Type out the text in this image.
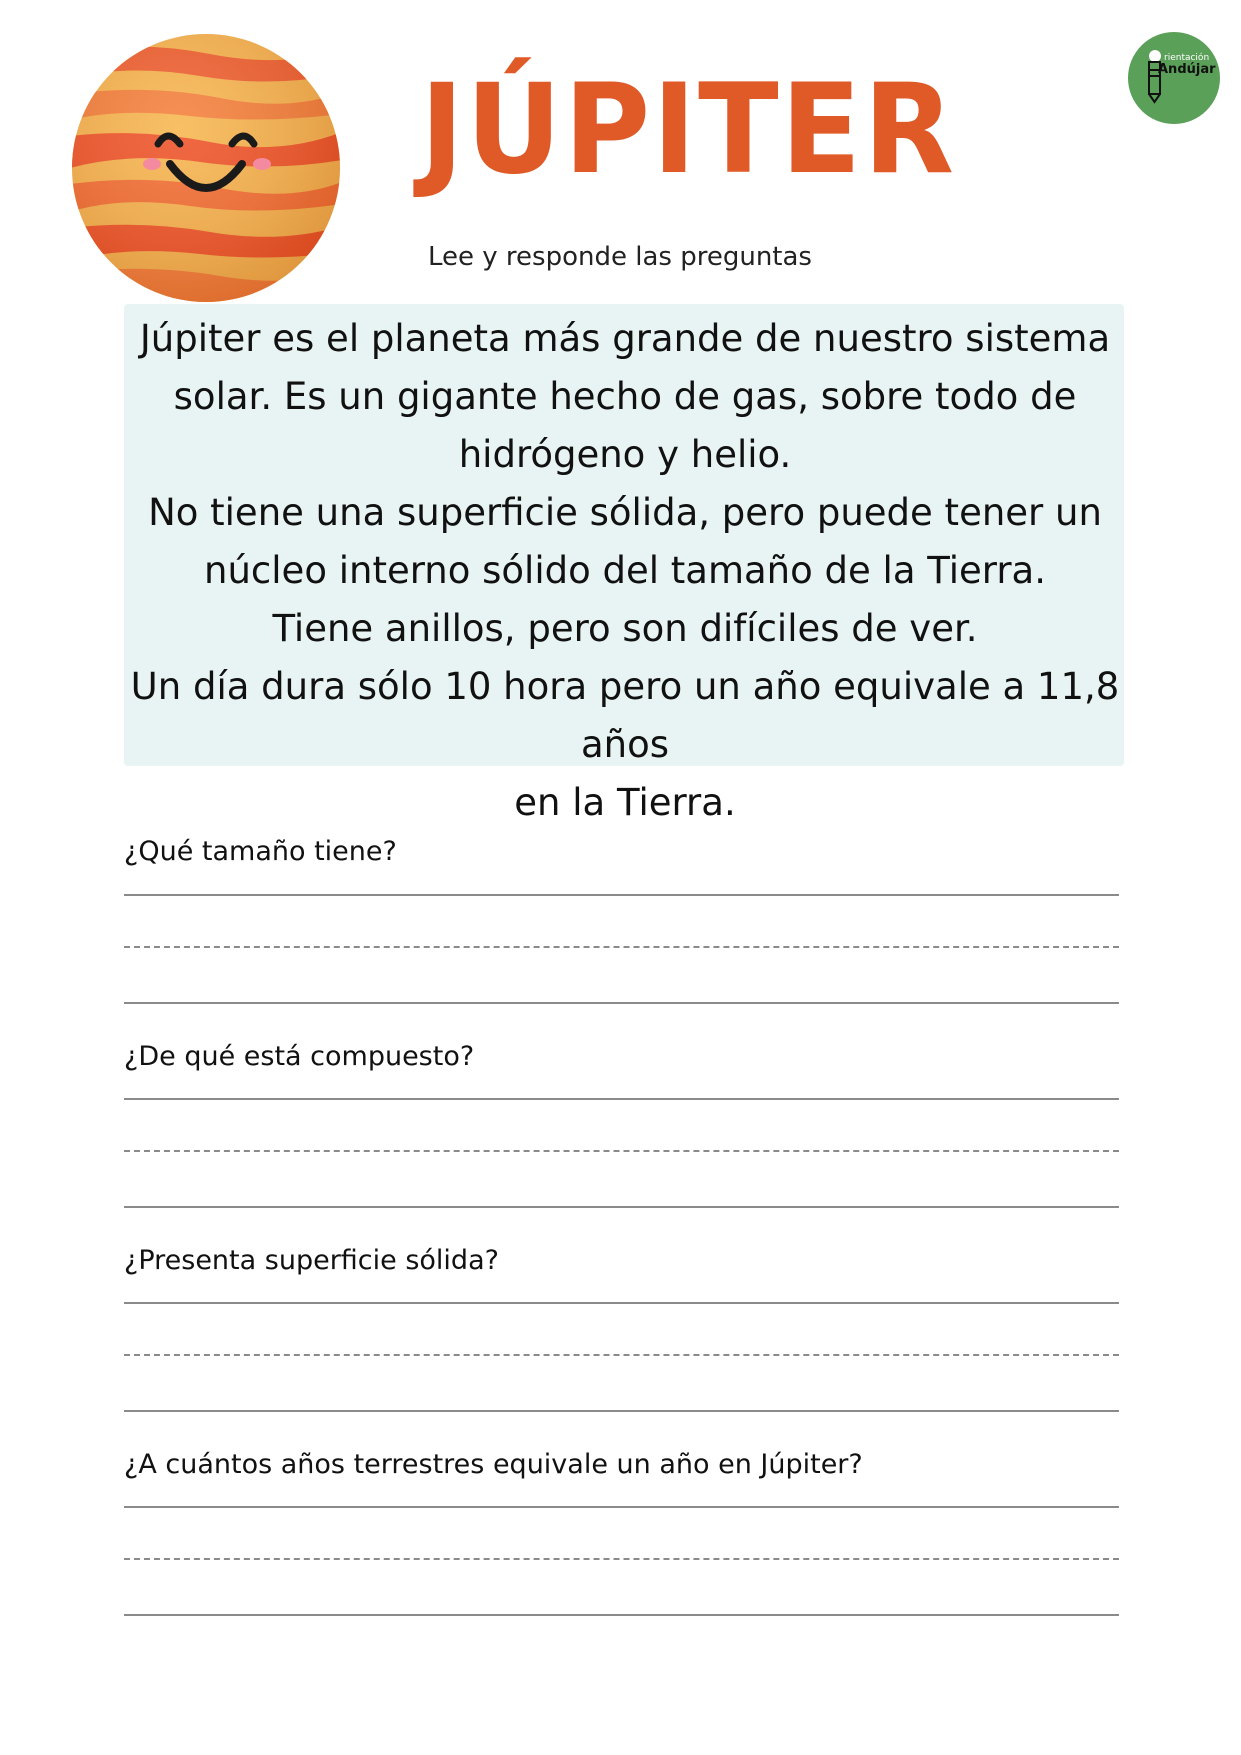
JÚPITER
Lee y responde las preguntas
rientación
Andújar

Júpiter es el planeta más grande de nuestro sistema

solar. Es un gigante hecho de gas, sobre todo de

hidrógeno y helio.

No tiene una superficie sólida, pero puede tener un

núcleo interno sólido del tamaño de la Tierra.

Tiene anillos, pero son difíciles de ver.

Un día dura sólo 10 hora pero un año equivale a 11,8 años

en la Tierra.

¿Qué tamaño tiene?
¿De qué está compuesto?
¿Presenta superficie sólida?
¿A cuántos años terrestres equivale un año en Júpiter?
